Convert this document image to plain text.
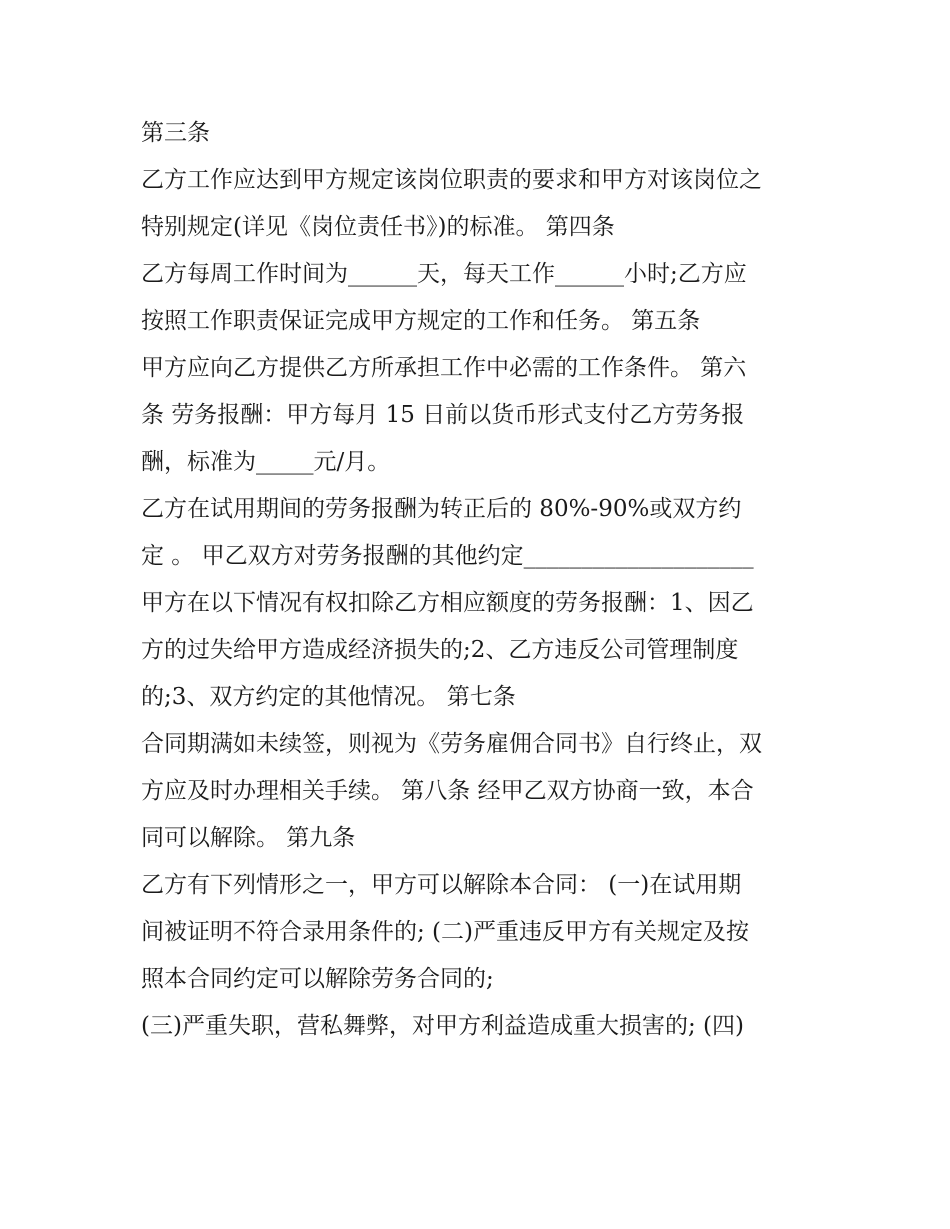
第三条
乙方工作应达到甲方规定该岗位职责的要求和甲方对该岗位之
特别规定(详见《岗位责任书》)的标准。 第四条
乙方每周工作时间为______天，每天工作______小时;乙方应
按照工作职责保证完成甲方规定的工作和任务。 第五条
甲方应向乙方提供乙方所承担工作中必需的工作条件。 第六
条 劳务报酬：甲方每月 15 日前以货币形式支付乙方劳务报
酬，标准为_____元/月。
乙方在试用期间的劳务报酬为转正后的 80%-90%或双方约
定 。 甲乙双方对劳务报酬的其他约定____________________
甲方在以下情况有权扣除乙方相应额度的劳务报酬：1、因乙
方的过失给甲方造成经济损失的;2、乙方违反公司管理制度
的;3、双方约定的其他情况。 第七条
合同期满如未续签，则视为《劳务雇佣合同书》自行终止，双
方应及时办理相关手续。 第八条 经甲乙双方协商一致，本合
同可以解除。 第九条
乙方有下列情形之一，甲方可以解除本合同： (一)在试用期
间被证明不符合录用条件的; (二)严重违反甲方有关规定及按
照本合同约定可以解除劳务合同的;
(三)严重失职，营私舞弊，对甲方利益造成重大损害的; (四)
